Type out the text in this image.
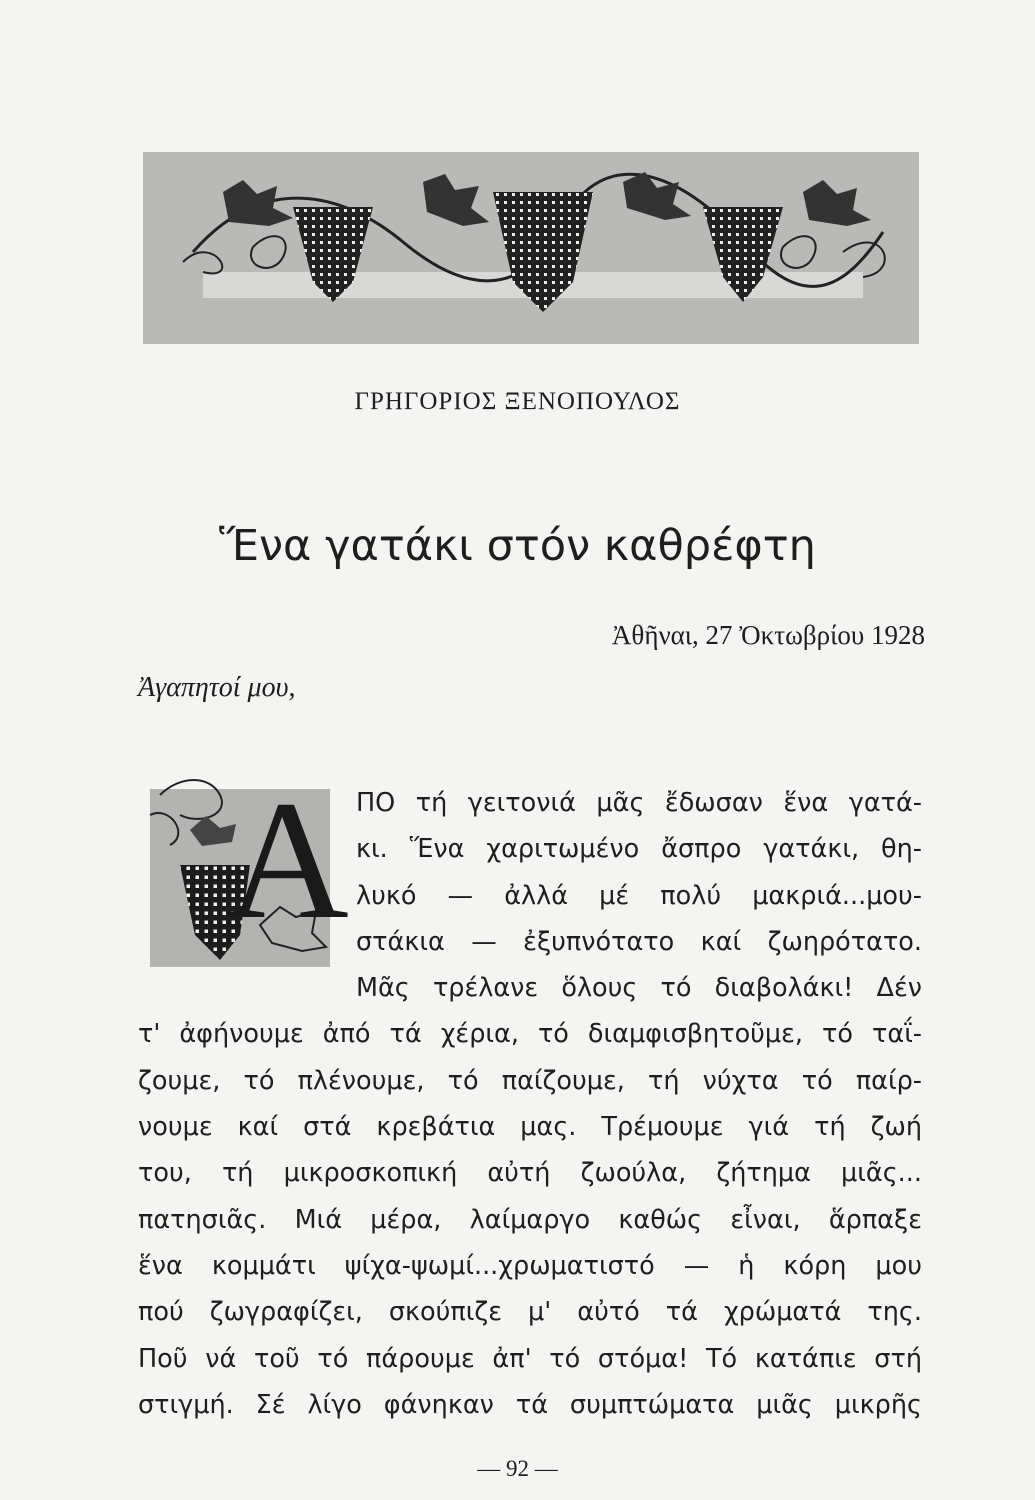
ΓΡΗΓΟΡΙΟΣ ΞΕΝΟΠΟΥΛΟΣ
Ἕνα γατάκι στόν καθρέφτη
Ἀθῆναι, 27 Ὀκτωβρίου 1928
Ἀγαπητοί μου,
Α ΠΟ τή γειτονιά μᾶς ἔδωσαν ἕνα γατά-
κι. Ἕνα χαριτωμένο ἄσπρο γατάκι, θη-
λυκό — ἀλλά μέ πολύ μακριά...μου-
στάκια — ἐξυπνότατο καί ζωηρότατο.
Μᾶς τρέλανε ὅλους τό διαβολάκι! Δέν
τ' ἀφήνουμε ἀπό τά χέρια, τό διαμφισβητοῦμε, τό ταΐ-
ζουμε, τό πλένουμε, τό παίζουμε, τή νύχτα τό παίρ-
νουμε καί στά κρεβάτια μας. Τρέμουμε γιά τή ζωή
του, τή μικροσκοπική αὐτή ζωούλα, ζήτημα μιᾶς...
πατησιᾶς. Μιά μέρα, λαίμαργο καθώς εἶναι, ἅρπαξε
ἕνα κομμάτι ψίχα-ψωμί...χρωματιστό — ἡ κόρη μου
πού ζωγραφίζει, σκούπιζε μ' αὐτό τά χρώματά της.
Ποῦ νά τοῦ τό πάρουμε ἀπ' τό στόμα! Τό κατάπιε στή
στιγμή. Σέ λίγο φάνηκαν τά συμπτώματα μιᾶς μικρῆς
— 92 —
